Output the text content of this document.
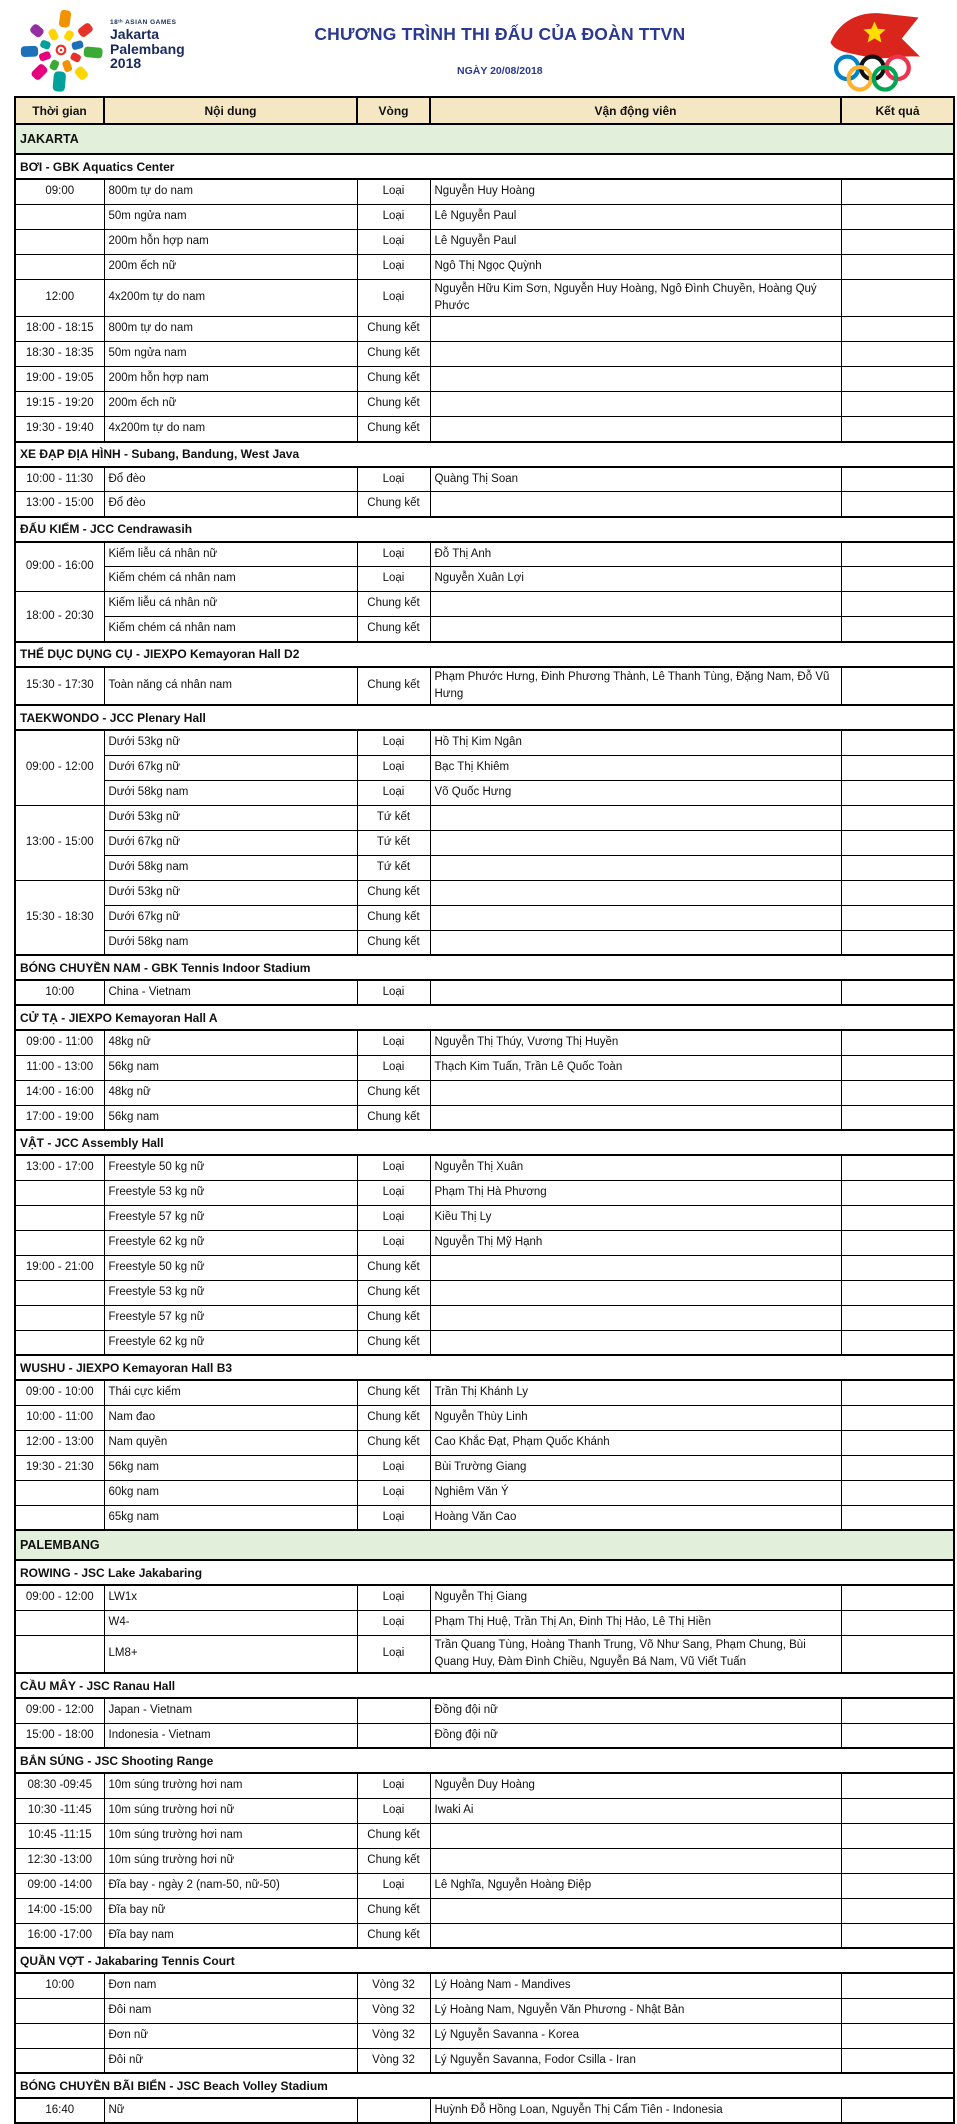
18ᵗʰ ASIAN GAMES
Jakarta
Palembang
2018
CHƯƠNG TRÌNH THI ĐẤU CỦA ĐOÀN TTVN
NGÀY 20/08/2018
Thời gian	Nội dung	Vòng	Vận động viên	Kết quả
JAKARTA				
BƠI - GBK Aquatics Center				
09:00	800m tự do nam	Loại	Nguyễn Huy Hoàng	
	50m ngửa nam	Loại	Lê Nguyễn Paul	
	200m hỗn hợp nam	Loại	Lê Nguyễn Paul	
	200m ếch nữ	Loại	Ngô Thị Ngọc Quỳnh	
12:00	4x200m tự do nam	Loại	Nguyễn Hữu Kim Sơn, Nguyễn Huy Hoàng, Ngô Đình Chuyền, Hoàng Quý Phước	
18:00 - 18:15	800m tự do nam	Chung kết		
18:30 - 18:35	50m ngửa nam	Chung kết		
19:00 - 19:05	200m hỗn hợp nam	Chung kết		
19:15 - 19:20	200m ếch nữ	Chung kết		
19:30 - 19:40	4x200m tự do nam	Chung kết		
XE ĐẠP ĐỊA HÌNH - Subang, Bandung, West Java				
10:00 - 11:30	Đổ đèo	Loại	Quàng Thị Soan	
13:00 - 15:00	Đổ đèo	Chung kết		
ĐẤU KIẾM - JCC Cendrawasih				
09:00 - 16:00	Kiếm liễu cá nhân nữ	Loại	Đỗ Thị Anh	
	Kiếm chém cá nhân nam	Loại	Nguyễn Xuân Lợi	
18:00 - 20:30	Kiếm liễu cá nhân nữ	Chung kết		
	Kiếm chém cá nhân nam	Chung kết		
THỂ DỤC DỤNG CỤ - JIEXPO Kemayoran Hall D2				
15:30 - 17:30	Toàn năng cá nhân nam	Chung kết	Phạm Phước Hưng, Đinh Phương Thành, Lê Thanh Tùng, Đặng Nam, Đỗ Vũ Hưng	
TAEKWONDO - JCC Plenary Hall				
09:00 - 12:00	Dưới 53kg nữ	Loại	Hồ Thị Kim Ngân	
	Dưới 67kg nữ	Loại	Bạc Thị Khiêm	
	Dưới 58kg nam	Loại	Võ Quốc Hưng	
13:00 - 15:00	Dưới 53kg nữ	Tứ kết		
	Dưới 67kg nữ	Tứ kết		
	Dưới 58kg nam	Tứ kết		
15:30 - 18:30	Dưới 53kg nữ	Chung kết		
	Dưới 67kg nữ	Chung kết		
	Dưới 58kg nam	Chung kết		
BÓNG CHUYỀN NAM - GBK Tennis Indoor Stadium				
10:00	China - Vietnam	Loại		
CỬ TẠ - JIEXPO Kemayoran Hall A				
09:00 - 11:00	48kg nữ	Loại	Nguyễn Thị Thúy, Vương Thị Huyền	
11:00 - 13:00	56kg nam	Loại	Thạch Kim Tuấn, Trần Lê Quốc Toàn	
14:00 - 16:00	48kg nữ	Chung kết		
17:00 - 19:00	56kg nam	Chung kết		
VẬT - JCC Assembly Hall				
13:00 - 17:00	Freestyle 50 kg nữ	Loại	Nguyễn Thị Xuân	
	Freestyle 53 kg nữ	Loại	Phạm Thị Hà Phương	
	Freestyle 57 kg nữ	Loại	Kiều Thị Ly	
	Freestyle 62 kg nữ	Loại	Nguyễn Thị Mỹ Hạnh	
19:00 - 21:00	Freestyle 50 kg nữ	Chung kết		
	Freestyle 53 kg nữ	Chung kết		
	Freestyle 57 kg nữ	Chung kết		
	Freestyle 62 kg nữ	Chung kết		
WUSHU - JIEXPO Kemayoran Hall B3				
09:00 - 10:00	Thái cực kiếm	Chung kết	Trần Thị Khánh Ly	
10:00 - 11:00	Nam đao	Chung kết	Nguyễn Thùy Linh	
12:00 - 13:00	Nam quyền	Chung kết	Cao Khắc Đạt, Phạm Quốc Khánh	
19:30 - 21:30	56kg nam	Loại	Bùi Trường Giang	
	60kg nam	Loại	Nghiêm Văn Ý	
	65kg nam	Loại	Hoàng Văn Cao	
PALEMBANG				
ROWING - JSC Lake Jakabaring				
09:00 - 12:00	LW1x	Loại	Nguyễn Thị Giang	
	W4-	Loại	Phạm Thị Huệ, Trần Thị An, Đinh Thị Hảo, Lê Thị Hiền	
	LM8+	Loại	Trần Quang Tùng, Hoàng Thanh Trung, Võ Như Sang, Phạm Chung, Bùi Quang Huy, Đàm Đình Chiều, Nguyễn Bá Nam, Vũ Viết Tuấn	
CẦU MÂY - JSC Ranau Hall				
09:00 - 12:00	Japan - Vietnam		Đồng đội nữ	
15:00 - 18:00	Indonesia - Vietnam		Đồng đội nữ	
BẮN SÚNG - JSC Shooting Range				
08:30 -09:45	10m súng trường hơi nam	Loại	Nguyễn Duy Hoàng	
10:30 -11:45	10m súng trường hơi nữ	Loại	Iwaki Ai	
10:45 -11:15	10m súng trường hơi nam	Chung kết		
12:30 -13:00	10m súng trường hơi nữ	Chung kết		
09:00 -14:00	Đĩa bay - ngày 2 (nam-50, nữ-50)	Loại	Lê Nghĩa, Nguyễn Hoàng Điệp	
14:00 -15:00	Đĩa bay nữ	Chung kết		
16:00 -17:00	Đĩa bay nam	Chung kết		
QUẦN VỢT - Jakabaring Tennis Court				
10:00	Đơn nam	Vòng 32	Lý Hoàng Nam - Mandives	
	Đôi nam	Vòng 32	Lý Hoàng Nam, Nguyễn Văn Phương - Nhật Bản	
	Đơn nữ	Vòng 32	Lý Nguyễn Savanna - Korea	
	Đôi nữ	Vòng 32	Lý Nguyễn Savanna, Fodor Csilla - Iran	
BÓNG CHUYỀN BÃI BIỂN - JSC Beach Volley Stadium				
16:40	Nữ		Huỳnh Đỗ Hồng Loan, Nguyễn Thị Cẩm Tiên - Indonesia	
